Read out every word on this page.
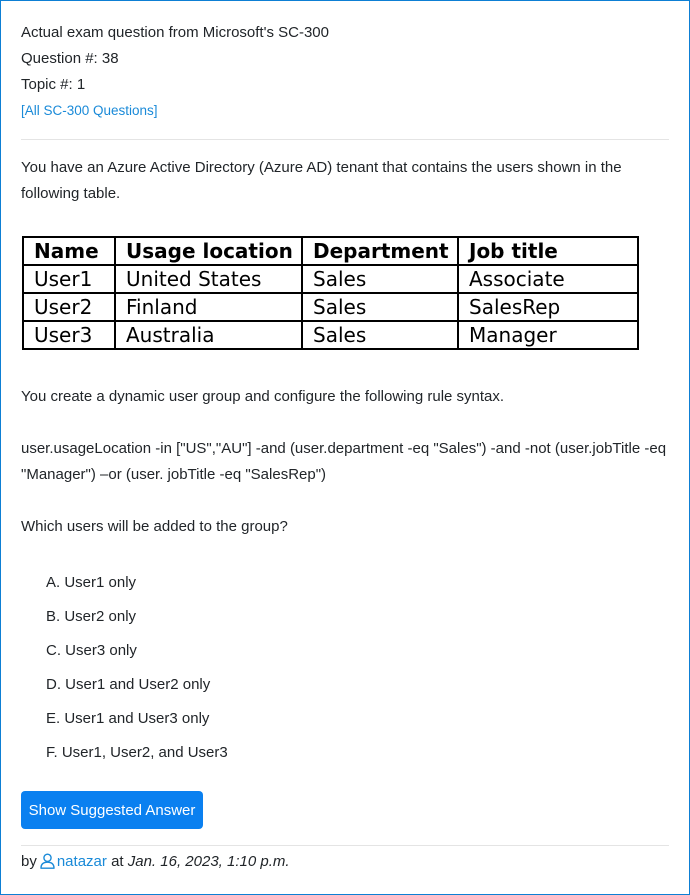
Actual exam question from Microsoft's SC-300
Question #: 38
Topic #: 1
[All SC-300 Questions]
You have an Azure Active Directory (Azure AD) tenant that contains the users shown in the following table.
Name	Usage location	Department	Job title
User1	United States	Sales	Associate
User2	Finland	Sales	SalesRep
User3	Australia	Sales	Manager
You create a dynamic user group and configure the following rule syntax.
user.usageLocation -in ["US","AU"] -and (user.department -eq "Sales") -and -not (user.jobTitle -eq "Manager") –or (user. jobTitle -eq "SalesRep")
Which users will be added to the group?
A. User1 only
B. User2 only
C. User3 only
D. User1 and User2 only
E. User1 and User3 only
F. User1, User2, and User3
Show Suggested Answer
by natazar at Jan. 16, 2023, 1:10 p.m.
